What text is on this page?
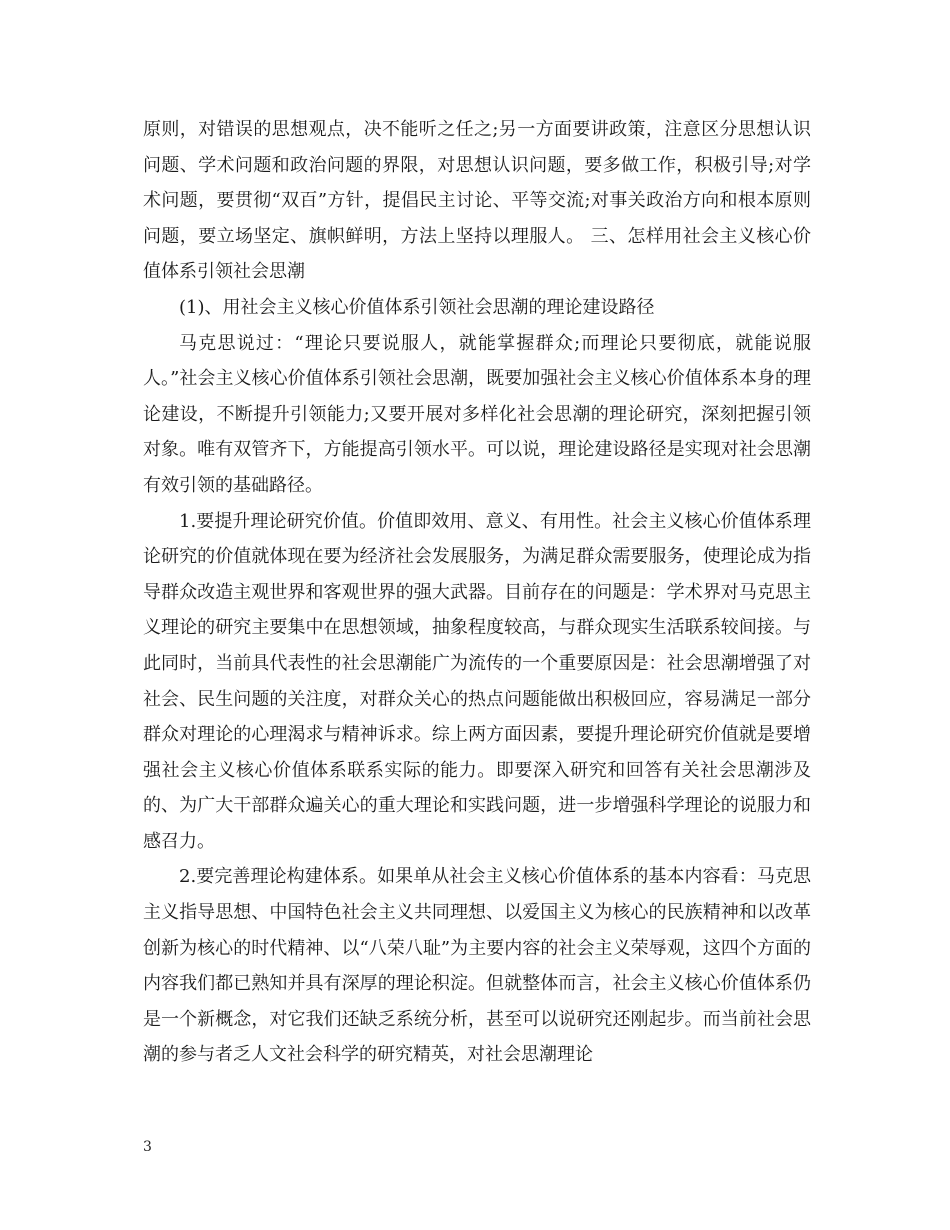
原则，对错误的思想观点，决不能听之任之;另一方面要讲政策，注意区分思想认识问题、学术问题和政治问题的界限，对思想认识问题，要多做工作，积极引导;对学术问题，要贯彻“双百”方针，提倡民主讨论、平等交流;对事关政治方向和根本原则问题，要立场坚定、旗帜鲜明，方法上坚持以理服人。 三、怎样用社会主义核心价值体系引领社会思潮

(1)、用社会主义核心价值体系引领社会思潮的理论建设路径

马克思说过：“理论只要说服人，就能掌握群众;而理论只要彻底，就能说服人。”社会主义核心价值体系引领社会思潮，既要加强社会主义核心价值体系本身的理论建设，不断提升引领能力;又要开展对多样化社会思潮的理论研究，深刻把握引领对象。唯有双管齐下，方能提高引领水平。可以说，理论建设路径是实现对社会思潮有效引领的基础路径。

1.要提升理论研究价值。价值即效用、意义、有用性。社会主义核心价值体系理论研究的价值就体现在要为经济社会发展服务，为满足群众需要服务，使理论成为指导群众改造主观世界和客观世界的强大武器。目前存在的问题是：学术界对马克思主义理论的研究主要集中在思想领域，抽象程度较高，与群众现实生活联系较间接。与此同时，当前具代表性的社会思潮能广为流传的一个重要原因是：社会思潮增强了对社会、民生问题的关注度，对群众关心的热点问题能做出积极回应，容易满足一部分群众对理论的心理渴求与精神诉求。综上两方面因素，要提升理论研究价值就是要增强社会主义核心价值体系联系实际的能力。即要深入研究和回答有关社会思潮涉及的、为广大干部群众遍关心的重大理论和实践问题，进一步增强科学理论的说服力和感召力。

2.要完善理论构建体系。如果单从社会主义核心价值体系的基本内容看：马克思主义指导思想、中国特色社会主义共同理想、以爱国主义为核心的民族精神和以改革创新为核心的时代精神、以“八荣八耻”为主要内容的社会主义荣辱观，这四个方面的内容我们都已熟知并具有深厚的理论积淀。但就整体而言，社会主义核心价值体系仍是一个新概念，对它我们还缺乏系统分析，甚至可以说研究还刚起步。而当前社会思潮的参与者乏人文社会科学的研究精英，对社会思潮理论

3
